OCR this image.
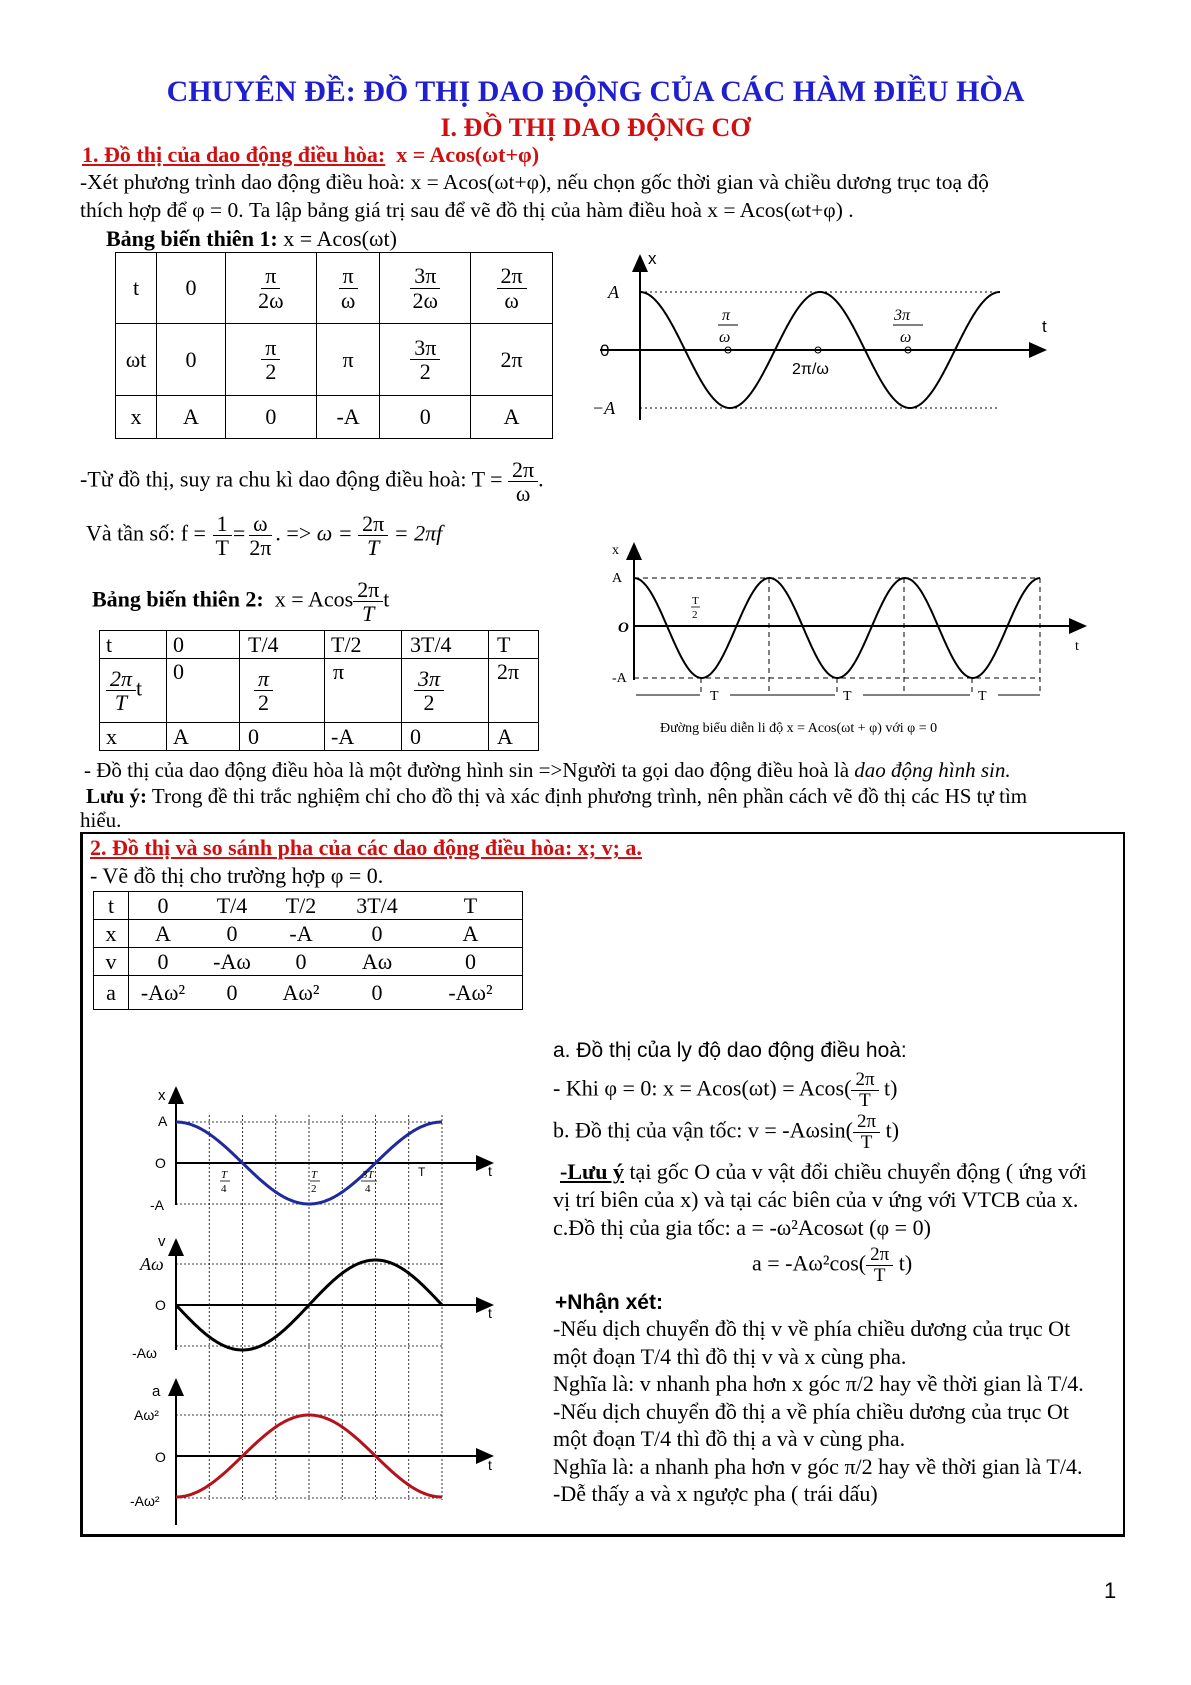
CHUYÊN ĐỀ: ĐỒ THỊ DAO ĐỘNG CỦA CÁC HÀM ĐIỀU HÒA
I. ĐỒ THỊ DAO ĐỘNG CƠ
1. Đồ thị của dao động điều hòa: x = Acos(ωt+φ)
-Xét phương trình dao động điều hoà: x = Acos(ωt+φ), nếu chọn gốc thời gian và chiều dương trục toạ độ
thích hợp để φ = 0. Ta lập bảng giá trị sau để vẽ đồ thị của hàm điều hoà x = Acos(ωt+φ) .
Bảng biến thiên 1: x = Acos(ωt)
t	0	$\frac{\pi}{2\omega}$	$\frac{\pi}{\omega}$	$\frac{3\pi}{2\omega}$	$\frac{2\pi}{\omega}$

ωt	0	$\frac{\pi}{2}$	π	$\frac{3\pi}{2}$	2π
x	A	0	-A	0	A
x
A
0
−A
t
π
ω
3π
ω
2π/ω
-Từ đồ thị, suy ra chu kì dao động điều hoà: $T = \frac{2\pi}{\omega}$ .
Và tần số: $f = \frac{1}{T} = \frac{\omega}{2\pi}$ . => $\omega = \frac{2\pi}{T} = 2\pi f$
Bảng biến thiên 2: x = Acos $\frac{2\pi}{T}$ t
t	0	T/4	T/2	3T/4	T

$\frac{2\pi}{T}$ t	0	$\frac{\pi}{2}$	π	$\frac{3\pi}{2}$	2π
x	A	0	-A	0	A
x
A
O
-A
t
T
2
T	T	T
Đường biểu diễn li độ x = Acos(ωt + φ) với φ = 0
- Đồ thị của dao động điều hòa là một đường hình sin =>Người ta gọi dao động điều hoà là dao động hình sin.
Lưu ý: Trong đề thi trắc nghiệm chỉ cho đồ thị và xác định phương trình, nên phần cách vẽ đồ thị các HS tự tìm
hiểu.
2. Đồ thị và so sánh pha của các dao động điều hòa: x; v; a.
- Vẽ đồ thị cho trường hợp φ = 0.
t	0	T/4	T/2	3T/4	T
x	A	0	-A	0	A
v	0	-Aω	0	Aω	0
a	-Aω²	0	Aω²	0	-Aω²
x
A
O
-A
t
T
4
T
2
3T
4
T
v
Aω
O
-Aω
t
a
Aω²
O
-Aω²
t
a. Đồ thị của ly độ dao động điều hoà:
- Khi φ = 0: $x = Acos(\omega t) = Acos( \frac{2\pi}{T} t)$
b. Đồ thị của vận tốc: $v = -A\omega\sin( \frac{2\pi}{T} t)$
-Lưu ý tại gốc O của v vật đổi chiều chuyển động ( ứng với
vị trí biên của x) và tại các biên của v ứng với VTCB của x.
c.Đồ thị của gia tốc: a = -ω²Acosωt (φ = 0)
$a = -A\omega^2\cos( \frac{2\pi}{T} t)$
+Nhận xét:
-Nếu dịch chuyển đồ thị v về phía chiều dương của trục Ot
một đoạn T/4 thì đồ thị v và x cùng pha.
Nghĩa là: v nhanh pha hơn x góc π/2 hay về thời gian là T/4.
-Nếu dịch chuyển đồ thị a về phía chiều dương của trục Ot
một đoạn T/4 thì đồ thị a và v cùng pha.
Nghĩa là: a nhanh pha hơn v góc π/2 hay về thời gian là T/4.
-Dễ thấy a và x ngược pha ( trái dấu)
1
